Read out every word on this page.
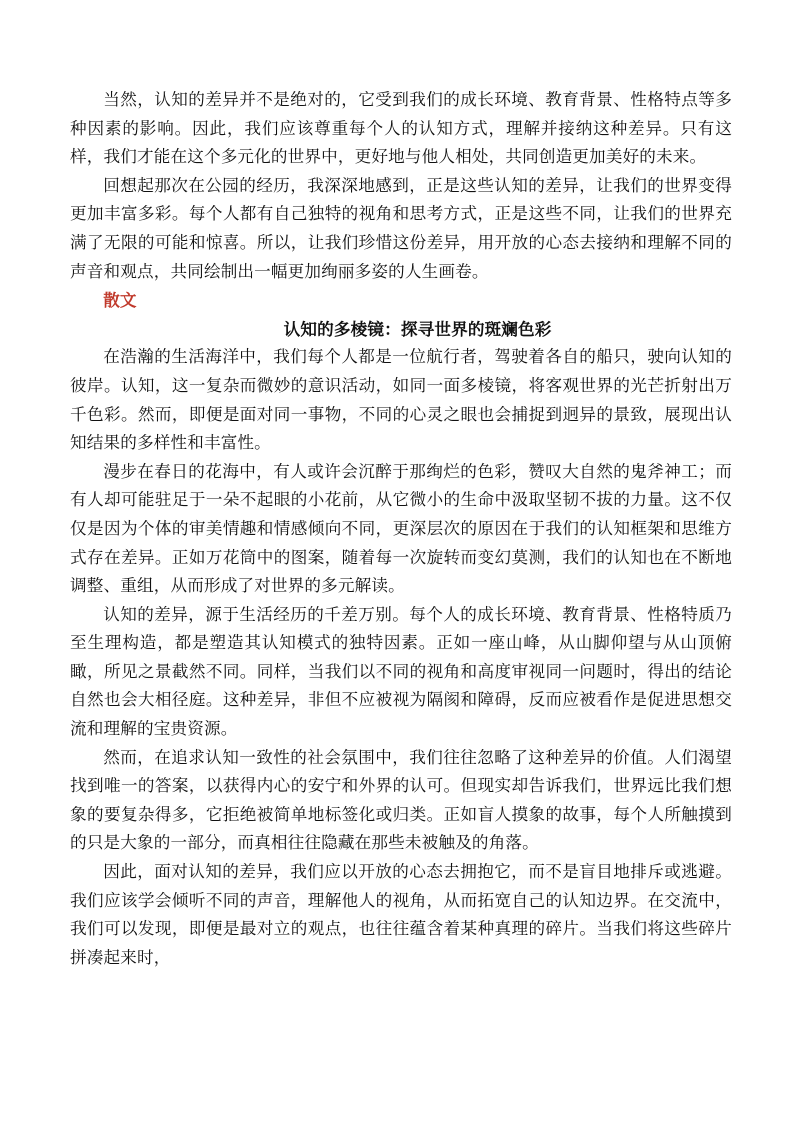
当然，认知的差异并不是绝对的，它受到我们的成长环境、教育背景、性格特点等多种因素的影响。因此，我们应该尊重每个人的认知方式，理解并接纳这种差异。只有这样，我们才能在这个多元化的世界中，更好地与他人相处，共同创造更加美好的未来。

回想起那次在公园的经历，我深深地感到，正是这些认知的差异，让我们的世界变得更加丰富多彩。每个人都有自己独特的视角和思考方式，正是这些不同，让我们的世界充满了无限的可能和惊喜。所以，让我们珍惜这份差异，用开放的心态去接纳和理解不同的声音和观点，共同绘制出一幅更加绚丽多姿的人生画卷。

散文

认知的多棱镜：探寻世界的斑斓色彩

在浩瀚的生活海洋中，我们每个人都是一位航行者，驾驶着各自的船只，驶向认知的彼岸。认知，这一复杂而微妙的意识活动，如同一面多棱镜，将客观世界的光芒折射出万千色彩。然而，即便是面对同一事物，不同的心灵之眼也会捕捉到迥异的景致，展现出认知结果的多样性和丰富性。

漫步在春日的花海中，有人或许会沉醉于那绚烂的色彩，赞叹大自然的鬼斧神工；而有人却可能驻足于一朵不起眼的小花前，从它微小的生命中汲取坚韧不拔的力量。这不仅仅是因为个体的审美情趣和情感倾向不同，更深层次的原因在于我们的认知框架和思维方式存在差异。正如万花筒中的图案，随着每一次旋转而变幻莫测，我们的认知也在不断地调整、重组，从而形成了对世界的多元解读。

认知的差异，源于生活经历的千差万别。每个人的成长环境、教育背景、性格特质乃至生理构造，都是塑造其认知模式的独特因素。正如一座山峰，从山脚仰望与从山顶俯瞰，所见之景截然不同。同样，当我们以不同的视角和高度审视同一问题时，得出的结论自然也会大相径庭。这种差异，非但不应被视为隔阂和障碍，反而应被看作是促进思想交流和理解的宝贵资源。

然而，在追求认知一致性的社会氛围中，我们往往忽略了这种差异的价值。人们渴望找到唯一的答案，以获得内心的安宁和外界的认可。但现实却告诉我们，世界远比我们想象的要复杂得多，它拒绝被简单地标签化或归类。正如盲人摸象的故事，每个人所触摸到的只是大象的一部分，而真相往往隐藏在那些未被触及的角落。

因此，面对认知的差异，我们应以开放的心态去拥抱它，而不是盲目地排斥或逃避。我们应该学会倾听不同的声音，理解他人的视角，从而拓宽自己的认知边界。在交流中，我们可以发现，即便是最对立的观点，也往往蕴含着某种真理的碎片。当我们将这些碎片拼凑起来时，
